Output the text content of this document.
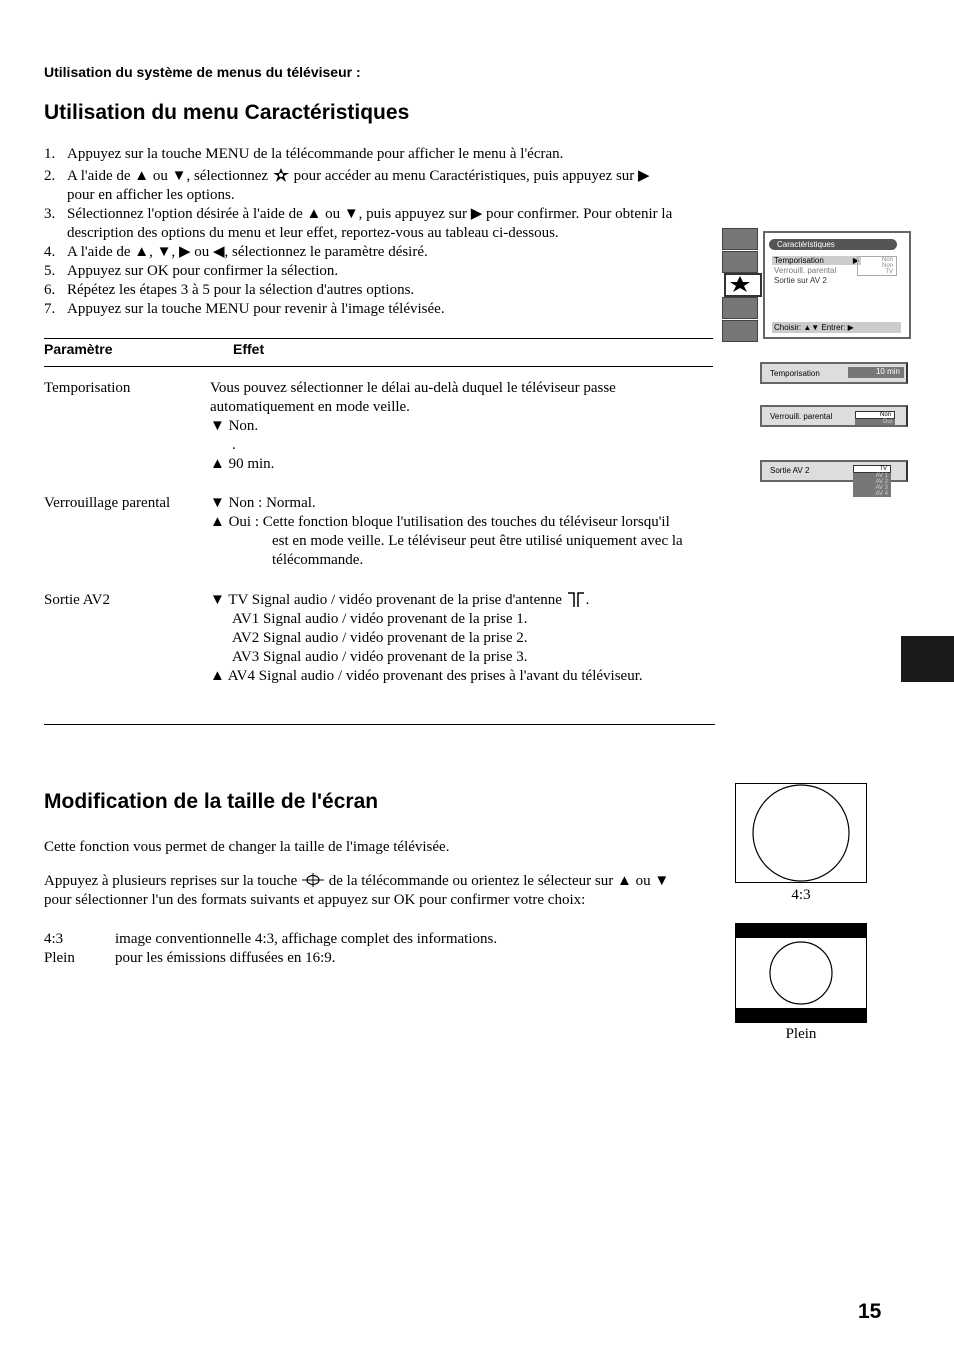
Utilisation du système de menus du téléviseur :
Utilisation du menu Caractéristiques
1. Appuyez sur la touche MENU de la télécommande pour afficher le menu à l'écran.
2. A l'aide de ▲ ou ▼, sélectionnez pour accéder au menu Caractéristiques, puis appuyez sur ▶
pour en afficher les options.
3. Sélectionnez l'option désirée à l'aide de ▲ ou ▼, puis appuyez sur ▶ pour confirmer. Pour obtenir la
description des options du menu et leur effet, reportez-vous au tableau ci-dessous.
4. A l'aide de ▲, ▼, ▶ ou ◀, sélectionnez le paramètre désiré.
5. Appuyez sur OK pour confirmer la sélection.
6. Répétez les étapes 3 à 5 pour la sélection d'autres options.
7. Appuyez sur la touche MENU pour revenir à l'image télévisée.
Paramètre	Effet
Temporisation	Vous pouvez sélectionner le délai au-delà duquel le téléviseur passe
automatiquement en mode veille.
▼ Non.
.
▲ 90 min.
Verrouillage parental	▼ Non : Normal.
▲ Oui : Cette fonction bloque l'utilisation des touches du téléviseur lorsqu'il
est en mode veille. Le téléviseur peut être utilisé uniquement avec la
télécommande.
Sortie AV2	▼ TV Signal audio / vidéo provenant de la prise d'antenne .
AV1 Signal audio / vidéo provenant de la prise 1.
AV2 Signal audio / vidéo provenant de la prise 2.
AV3 Signal audio / vidéo provenant de la prise 3.
▲ AV4 Signal audio / vidéo provenant des prises à l'avant du téléviseur.
Caractéristiques
Temporisation	▶
Verrouill. parental
Sortie sur AV 2
Non
Non
TV
Choisir: ▲▼ Entrer: ▶
Temporisation	10 min
Verrouill. parental	Non
Oui
Sortie AV 2	TV
AV 1
AV 2
AV 3
AV 4
Modification de la taille de l'écran
Cette fonction vous permet de changer la taille de l'image télévisée.
Appuyez à plusieurs reprises sur la touche de la télécommande ou orientez le sélecteur sur ▲ ou ▼
pour sélectionner l'un des formats suivants et appuyez sur OK pour confirmer votre choix:
4:3	image conventionnelle 4:3, affichage complet des informations.
Plein	pour les émissions diffusées en 16:9.
4:3
Plein
15
